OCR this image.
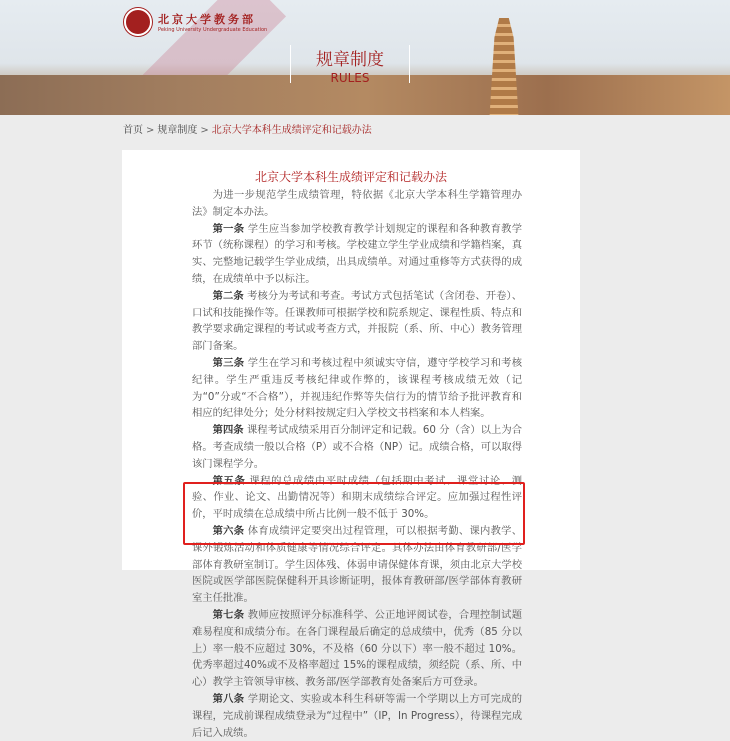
北京大学教务部
Peking University Undergraduate Education
规章制度
RULES
首页 > 规章制度 > 北京大学本科生成绩评定和记载办法
北京大学本科生成绩评定和记载办法

为进一步规范学生成绩管理，特依据《北京大学本科生学籍管理办法》制定本办法。

第一条 学生应当参加学校教育教学计划规定的课程和各种教育教学环节（统称课程）的学习和考核。学校建立学生学业成绩和学籍档案，真实、完整地记载学生学业成绩，出具成绩单。对通过重修等方式获得的成绩，在成绩单中予以标注。

第二条 考核分为考试和考查。考试方式包括笔试（含闭卷、开卷）、口试和技能操作等。任课教师可根据学校和院系规定、课程性质、特点和教学要求确定课程的考试或考查方式，并报院（系、所、中心）教务管理部门备案。

第三条 学生在学习和考核过程中须诚实守信，遵守学校学习和考核纪律。学生严重违反考核纪律或作弊的，该课程考核成绩无效（记为“0”分或“不合格”），并视违纪作弊等失信行为的情节给予批评教育和相应的纪律处分；处分材料按规定归入学校文书档案和本人档案。

第四条 课程考试成绩采用百分制评定和记载。60 分（含）以上为合格。考查成绩一般以合格（P）或不合格（NP）记。成绩合格，可以取得该门课程学分。

第五条 课程的总成绩由平时成绩（包括期中考试、课堂讨论、测验、作业、论文、出勤情况等）和期末成绩综合评定。应加强过程性评价，平时成绩在总成绩中所占比例一般不低于 30%。

第六条 体育成绩评定要突出过程管理，可以根据考勤、课内教学、课外锻炼活动和体质健康等情况综合评定。具体办法由体育教研部/医学部体育教研室制订。学生因体残、体弱申请保健体育课，须由北京大学校医院或医学部医院保健科开具诊断证明，报体育教研部/医学部体育教研室主任批准。

第七条 教师应按照评分标准科学、公正地评阅试卷，合理控制试题难易程度和成绩分布。在各门课程最后确定的总成绩中，优秀（85 分以上）率一般不应超过 30%，不及格（60 分以下）率一般不超过 10%。优秀率超过40%或不及格率超过 15%的课程成绩，须经院（系、所、中心）教学主管领导审核、教务部/医学部教育处备案后方可登录。

第八条 学期论文、实验或本科生科研等需一个学期以上方可完成的课程，完成前课程成绩登录为“过程中”（IP，In Progress），待课程完成后记入成绩。
